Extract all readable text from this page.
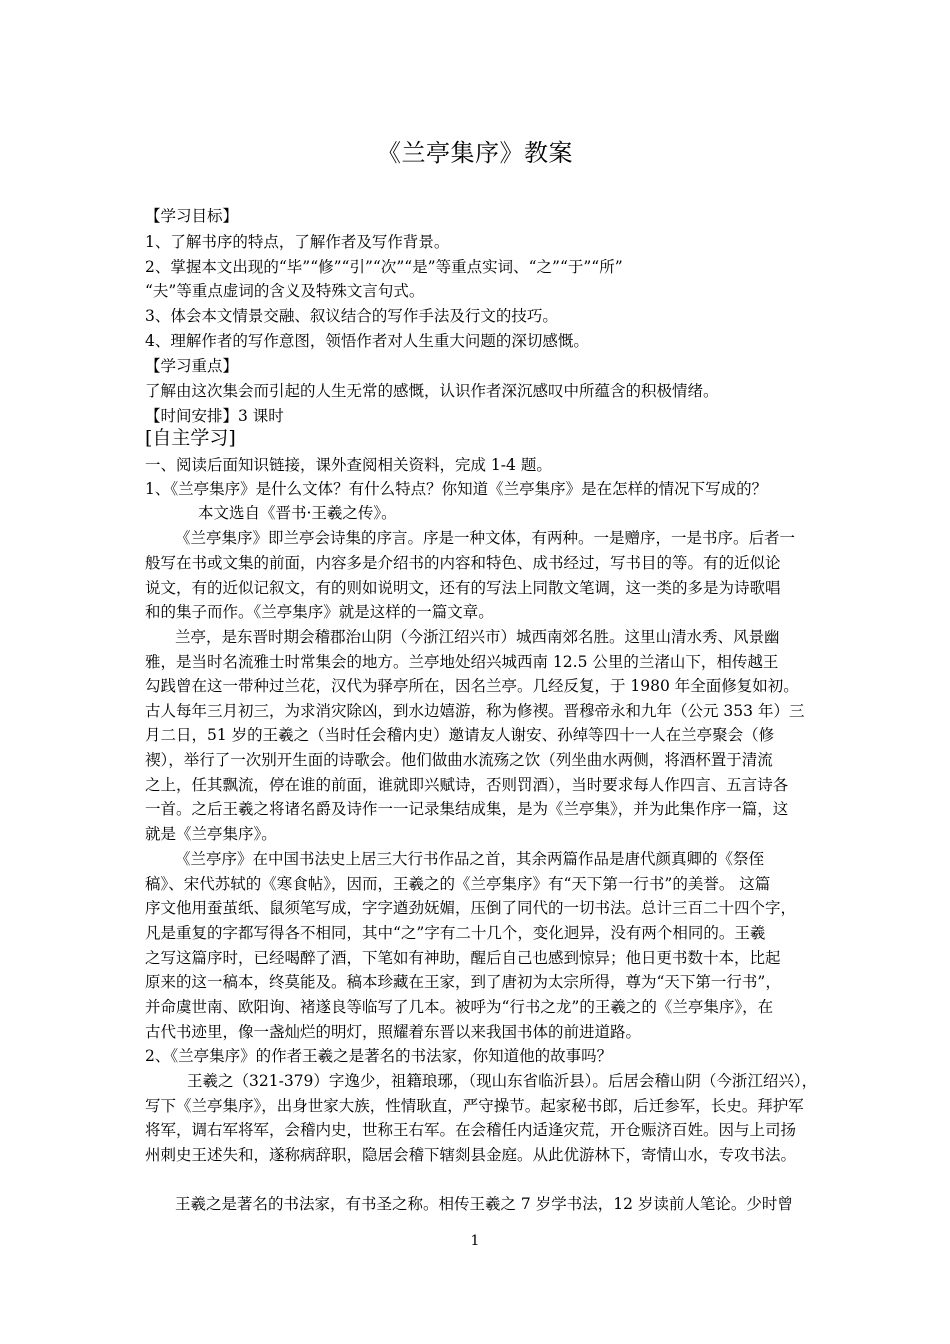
《兰亭集序》教案
【学习目标】
1、了解书序的特点，了解作者及写作背景。
2、掌握本文出现的“毕”“修”“引”“次”“是”等重点实词、“之”“于”“所”
“夫”等重点虚词的含义及特殊文言句式。
3、体会本文情景交融、叙议结合的写作手法及行文的技巧。
4、理解作者的写作意图，领悟作者对人生重大问题的深切感慨。
【学习重点】
了解由这次集会而引起的人生无常的感慨，认识作者深沉感叹中所蕴含的积极情绪。
【时间安排】3 课时
[自主学习]
一、阅读后面知识链接，课外查阅相关资料，完成 1-4 题。
1、《兰亭集序》是什么文体？有什么特点？你知道《兰亭集序》是在怎样的情况下写成的？
本文选自《晋书·王羲之传》。
《兰亭集序》即兰亭会诗集的序言。序是一种文体，有两种。一是赠序，一是书序。后者一
般写在书或文集的前面，内容多是介绍书的内容和特色、成书经过，写书目的等。有的近似论
说文，有的近似记叙文，有的则如说明文，还有的写法上同散文笔调，这一类的多是为诗歌唱
和的集子而作。《兰亭集序》就是这样的一篇文章。
兰亭，是东晋时期会稽郡治山阴（今浙江绍兴市）城西南郊名胜。这里山清水秀、风景幽
雅，是当时名流雅士时常集会的地方。兰亭地处绍兴城西南 12.5 公里的兰渚山下，相传越王
勾践曾在这一带种过兰花，汉代为驿亭所在，因名兰亭。几经反复，于 1980 年全面修复如初。
古人每年三月初三，为求消灾除凶，到水边嬉游，称为修禊。晋穆帝永和九年（公元 353 年）三
月二日，51 岁的王羲之（当时任会稽内史）邀请友人谢安、孙绰等四十一人在兰亭聚会（修
禊），举行了一次别开生面的诗歌会。他们做曲水流殇之饮（列坐曲水两侧，将酒杯置于清流
之上，任其飘流，停在谁的前面，谁就即兴赋诗，否则罚酒），当时要求每人作四言、五言诗各
一首。之后王羲之将诸名爵及诗作一一记录集结成集，是为《兰亭集》，并为此集作序一篇，这
就是《兰亭集序》。
《兰亭序》在中国书法史上居三大行书作品之首，其余两篇作品是唐代颜真卿的《祭侄
稿》、宋代苏轼的《寒食帖》，因而，王羲之的《兰亭集序》有“天下第一行书”的美誉。 这篇
序文他用蚕茧纸、鼠须笔写成，字字遒劲妩媚，压倒了同代的一切书法。总计三百二十四个字，
凡是重复的字都写得各不相同，其中“之”字有二十几个，变化迥异，没有两个相同的。王羲
之写这篇序时，已经喝醉了酒，下笔如有神助，醒后自己也感到惊异；他日更书数十本，比起
原来的这一稿本，终莫能及。稿本珍藏在王家，到了唐初为太宗所得，尊为“天下第一行书”，
并命虞世南、欧阳询、褚遂良等临写了几本。被呼为“行书之龙”的王羲之的《兰亭集序》，在
古代书迹里，像一盏灿烂的明灯，照耀着东晋以来我国书体的前进道路。
2、《兰亭集序》的作者王羲之是著名的书法家，你知道他的故事吗？
王羲之（321-379）字逸少，祖籍琅琊，（现山东省临沂县）。后居会稽山阴（今浙江绍兴），
写下《兰亭集序》，出身世家大族，性情耿直，严守操节。起家秘书郎，后迁参军，长史。拜护军
将军，调右军将军，会稽内史，世称王右军。在会稽任内适逢灾荒，开仓赈济百姓。因与上司扬
州刺史王述失和，遂称病辞职，隐居会稽下辖剡县金庭。从此优游林下，寄情山水，专攻书法。
王羲之是著名的书法家，有书圣之称。相传王羲之 7 岁学书法，12 岁读前人笔论。少时曾
1
